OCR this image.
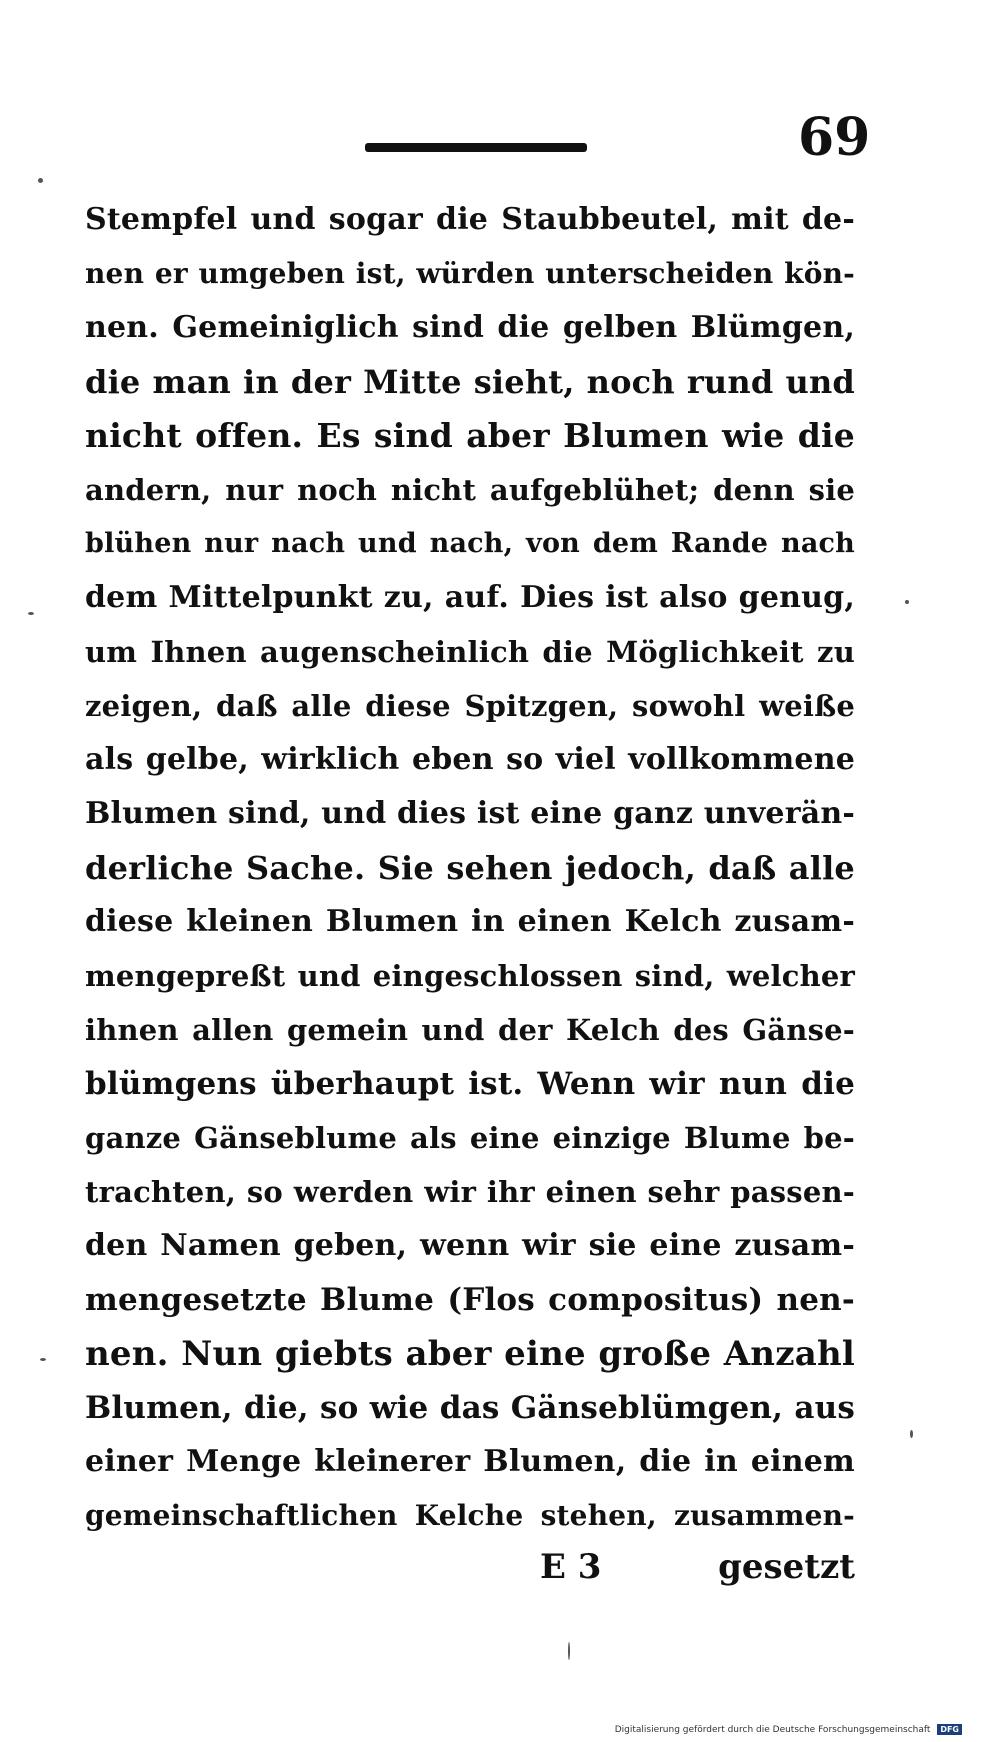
69
Stempfel und sogar die Staubbeutel, mit de-
nen er umgeben ist, würden unterscheiden kön-
nen. Gemeiniglich sind die gelben Blümgen,
die man in der Mitte sieht, noch rund und
nicht offen. Es sind aber Blumen wie die
andern, nur noch nicht aufgeblühet; denn sie
blühen nur nach und nach, von dem Rande nach
dem Mittelpunkt zu, auf. Dies ist also genug,
um Ihnen augenscheinlich die Möglichkeit zu
zeigen, daß alle diese Spitzgen, sowohl weiße
als gelbe, wirklich eben so viel vollkommene
Blumen sind, und dies ist eine ganz unverän-
derliche Sache. Sie sehen jedoch, daß alle
diese kleinen Blumen in einen Kelch zusam-
mengepreßt und eingeschlossen sind, welcher
ihnen allen gemein und der Kelch des Gänse-
blümgens überhaupt ist. Wenn wir nun die
ganze Gänseblume als eine einzige Blume be-
trachten, so werden wir ihr einen sehr passen-
den Namen geben, wenn wir sie eine zusam-
mengesetzte Blume (Flos compositus) nen-
nen. Nun giebts aber eine große Anzahl
Blumen, die, so wie das Gänseblümgen, aus
einer Menge kleinerer Blumen, die in einem
gemeinschaftlichen Kelche stehen, zusammen-
E 3	gesetzt
Digitalisierung gefördert durch die Deutsche Forschungsgemeinschaft DFG
